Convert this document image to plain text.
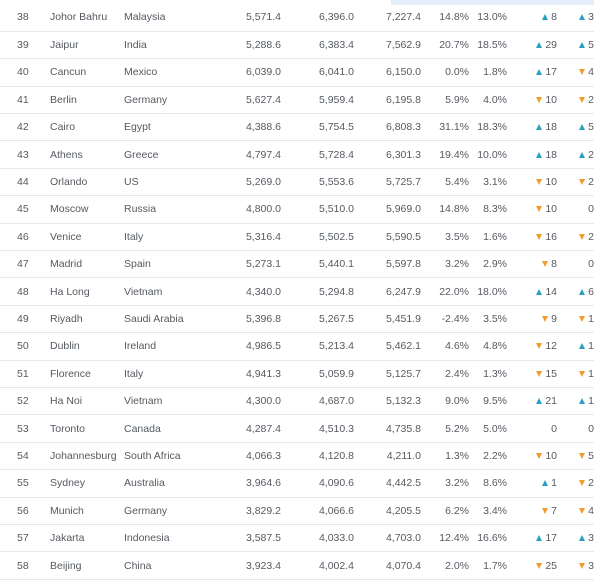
38	Johor Bahru	Malaysia	5,571.4	6,396.0	7,227.4	14.8%	13.0%	8	3

39	Jaipur	India	5,288.6	6,383.4	7,562.9	20.7%	18.5%	29	5

40	Cancun	Mexico	6,039.0	6,041.0	6,150.0	0.0%	1.8%	17	4

41	Berlin	Germany	5,627.4	5,959.4	6,195.8	5.9%	4.0%	10	2

42	Cairo	Egypt	4,388.6	5,754.5	6,808.3	31.1%	18.3%	18	5

43	Athens	Greece	4,797.4	5,728.4	6,301.3	19.4%	10.0%	18	2

44	Orlando	US	5,269.0	5,553.6	5,725.7	5.4%	3.1%	10	2

45	Moscow	Russia	4,800.0	5,510.0	5,969.0	14.8%	8.3%	10	0

46	Venice	Italy	5,316.4	5,502.5	5,590.5	3.5%	1.6%	16	2

47	Madrid	Spain	5,273.1	5,440.1	5,597.8	3.2%	2.9%	8	0

48	Ha Long	Vietnam	4,340.0	5,294.8	6,247.9	22.0%	18.0%	14	6

49	Riyadh	Saudi Arabia	5,396.8	5,267.5	5,451.9	-2.4%	3.5%	9	1

50	Dublin	Ireland	4,986.5	5,213.4	5,462.1	4.6%	4.8%	12	1

51	Florence	Italy	4,941.3	5,059.9	5,125.7	2.4%	1.3%	15	1

52	Ha Noi	Vietnam	4,300.0	4,687.0	5,132.3	9.0%	9.5%	21	1

53	Toronto	Canada	4,287.4	4,510.3	4,735.8	5.2%	5.0%	0	0

54	Johannesburg	South Africa	4,066.3	4,120.8	4,211.0	1.3%	2.2%	10	5

55	Sydney	Australia	3,964.6	4,090.6	4,442.5	3.2%	8.6%	1	2

56	Munich	Germany	3,829.2	4,066.6	4,205.5	6.2%	3.4%	7	4

57	Jakarta	Indonesia	3,587.5	4,033.0	4,703.0	12.4%	16.6%	17	3

58	Beijing	China	3,923.4	4,002.4	4,070.4	2.0%	1.7%	25	3
